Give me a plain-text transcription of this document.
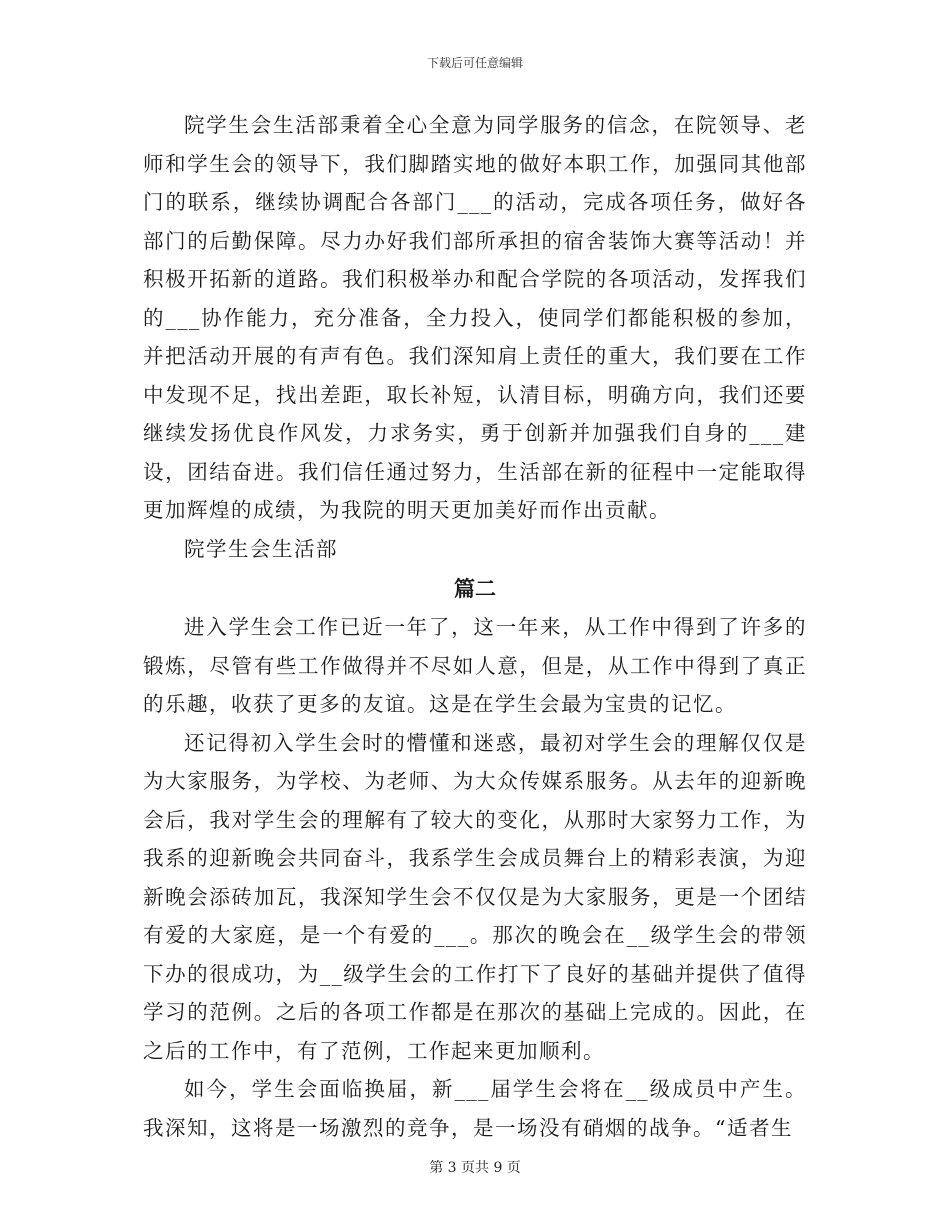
下载后可任意编辑

院学生会生活部秉着全心全意为同学服务的信念，在院领导、老师和学生会的领导下，我们脚踏实地的做好本职工作，加强同其他部门的联系，继续协调配合各部门___的活动，完成各项任务，做好各部门的后勤保障。尽力办好我们部所承担的宿舍装饰大赛等活动！并积极开拓新的道路。我们积极举办和配合学院的各项活动，发挥我们的___协作能力，充分准备，全力投入，使同学们都能积极的参加，并把活动开展的有声有色。我们深知肩上责任的重大，我们要在工作中发现不足，找出差距，取长补短，认清目标，明确方向，我们还要继续发扬优良作风发，力求务实，勇于创新并加强我们自身的___建设，团结奋进。我们信任通过努力，生活部在新的征程中一定能取得更加辉煌的成绩，为我院的明天更加美好而作出贡献。

院学生会生活部

篇二

进入学生会工作已近一年了，这一年来，从工作中得到了许多的锻炼，尽管有些工作做得并不尽如人意，但是，从工作中得到了真正的乐趣，收获了更多的友谊。这是在学生会最为宝贵的记忆。

还记得初入学生会时的懵懂和迷惑，最初对学生会的理解仅仅是为大家服务，为学校、为老师、为大众传媒系服务。从去年的迎新晚会后，我对学生会的理解有了较大的变化，从那时大家努力工作，为我系的迎新晚会共同奋斗，我系学生会成员舞台上的精彩表演，为迎新晚会添砖加瓦，我深知学生会不仅仅是为大家服务，更是一个团结有爱的大家庭，是一个有爱的___。那次的晚会在__级学生会的带领下办的很成功，为__级学生会的工作打下了良好的基础并提供了值得学习的范例。之后的各项工作都是在那次的基础上完成的。因此，在之后的工作中，有了范例，工作起来更加顺利。

如今，学生会面临换届，新___届学生会将在__级成员中产生。我深知，这将是一场激烈的竞争，是一场没有硝烟的战争。“适者生

第 3 页共 9 页
